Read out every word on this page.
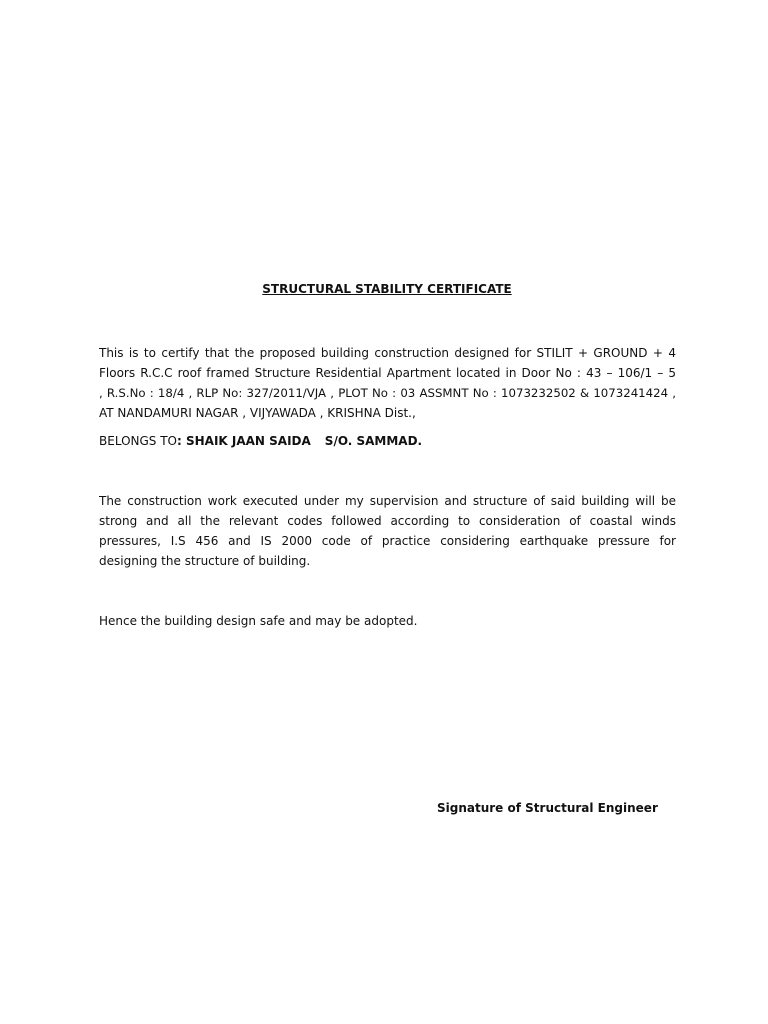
STRUCTURAL STABILITY CERTIFICATE
This is to certify that the proposed building construction designed for STILIT + GROUND + 4
Floors R.C.C roof framed Structure Residential Apartment located in Door No : 43 – 106/1 – 5
, R.S.No : 18/4 , RLP No: 327/2011/VJA , PLOT No : 03 ASSMNT No : 1073232502 & 1073241424 ,
AT NANDAMURI NAGAR , VIJYAWADA , KRISHNA Dist.,
BELONGS TO: SHAIK JAAN SAIDA S/O. SAMMAD.
The construction work executed under my supervision and structure of said building will be
strong and all the relevant codes followed according to consideration of coastal winds
pressures, I.S 456 and IS 2000 code of practice considering earthquake pressure for
designing the structure of building.
Hence the building design safe and may be adopted.
Signature of Structural Engineer
